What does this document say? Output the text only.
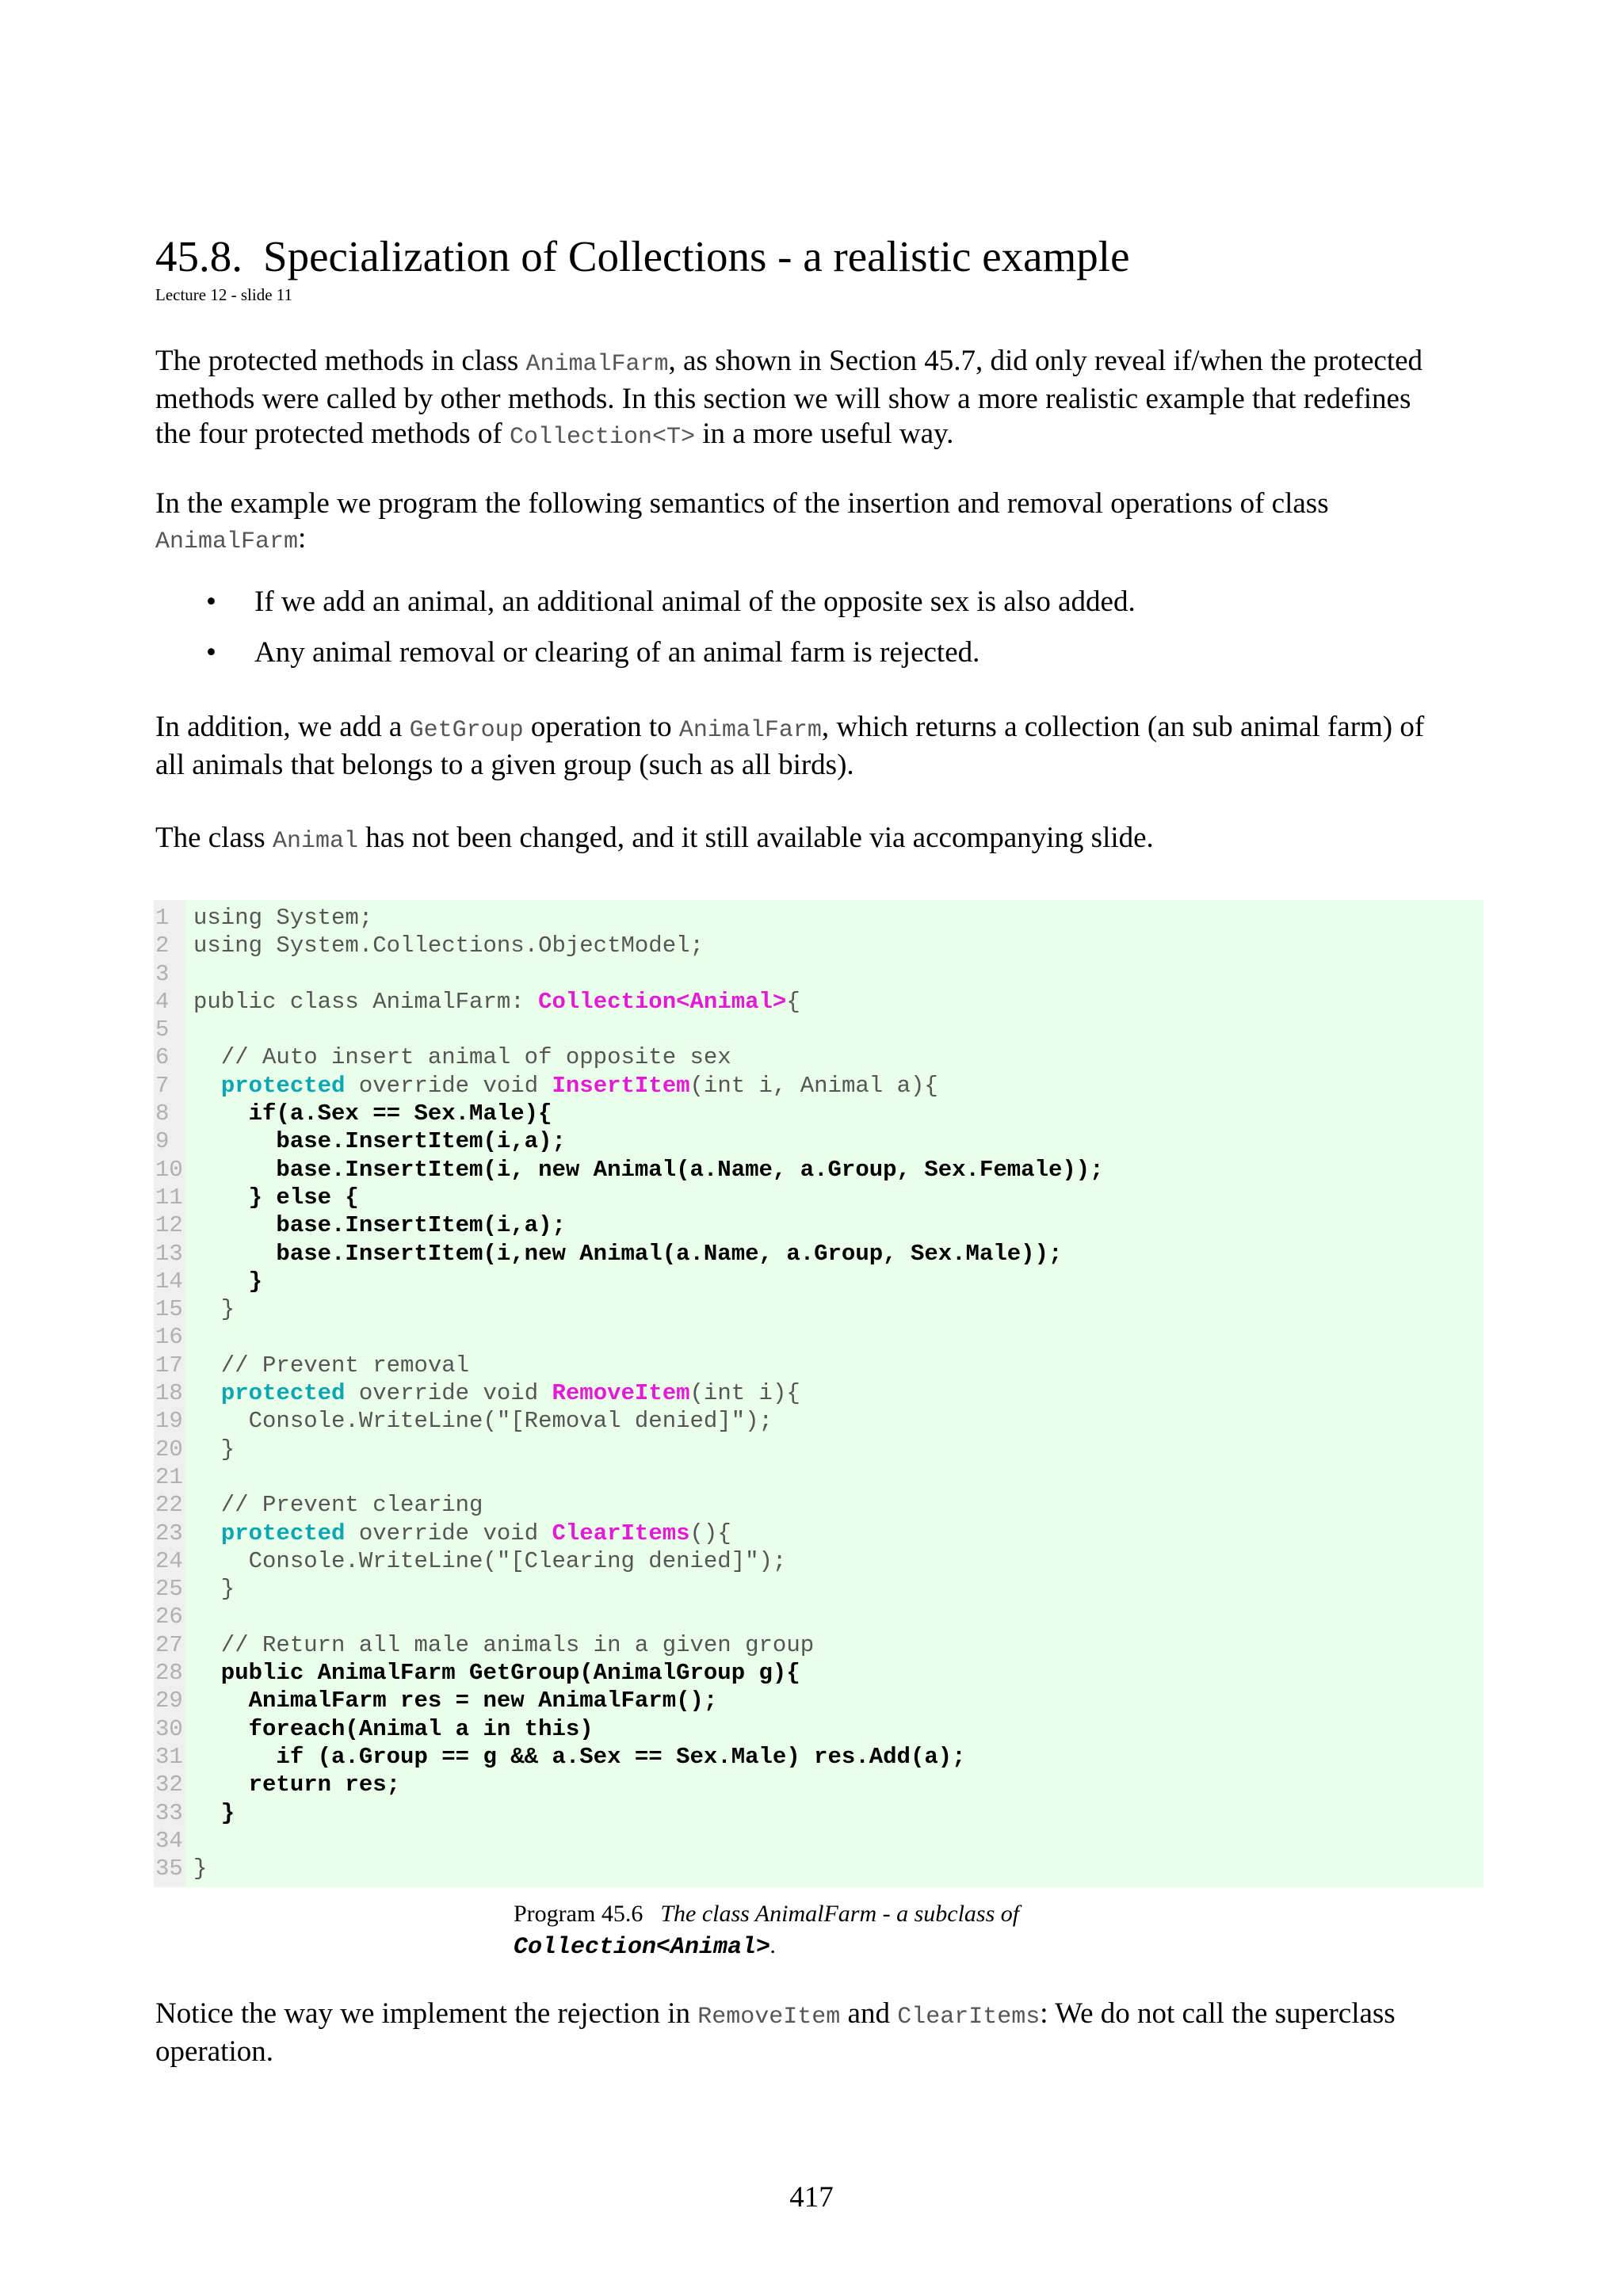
45.8. Specialization of Collections - a realistic example
Lecture 12 - slide 11
The protected methods in class AnimalFarm, as shown in Section 45.7, did only reveal if/when the protected
methods were called by other methods. In this section we will show a more realistic example that redefines
the four protected methods of Collection<T> in a more useful way.
In the example we program the following semantics of the insertion and removal operations of class
AnimalFarm:
• If we add an animal, an additional animal of the opposite sex is also added.
• Any animal removal or clearing of an animal farm is rejected.
In addition, we add a GetGroup operation to AnimalFarm, which returns a collection (an sub animal farm) of
all animals that belongs to a given group (such as all birds).
The class Animal has not been changed, and it still available via accompanying slide.
1	using System;
2	using System.Collections.ObjectModel;
3
4	public class AnimalFarm: Collection<Animal>{
5
6	// Auto insert animal of opposite sex
7	protected override void InsertItem(int i, Animal a){
8	if(a.Sex == Sex.Male){
9	base.InsertItem(i,a);
10 base.InsertItem(i, new Animal(a.Name, a.Group, Sex.Female));
11 } else {
12 base.InsertItem(i,a);
13 base.InsertItem(i,new Animal(a.Name, a.Group, Sex.Male));
14 }
15 }
16
17 // Prevent removal
18	protected override void RemoveItem(int i){
19 Console.WriteLine("[Removal denied]");
20 }
21
22 // Prevent clearing
23	protected override void ClearItems(){
24 Console.WriteLine("[Clearing denied]");
25 }
26
27 // Return all male animals in a given group
28 public AnimalFarm GetGroup(AnimalGroup g){
29 AnimalFarm res = new AnimalFarm();
30 foreach(Animal a in this)
31 if (a.Group == g && a.Sex == Sex.Male) res.Add(a);
32 return res;
33 }
34
35 }
Program 45.6 The class AnimalFarm - a subclass of
Collection<Animal>.
Notice the way we implement the rejection in RemoveItem and ClearItems: We do not call the superclass
operation.
417
